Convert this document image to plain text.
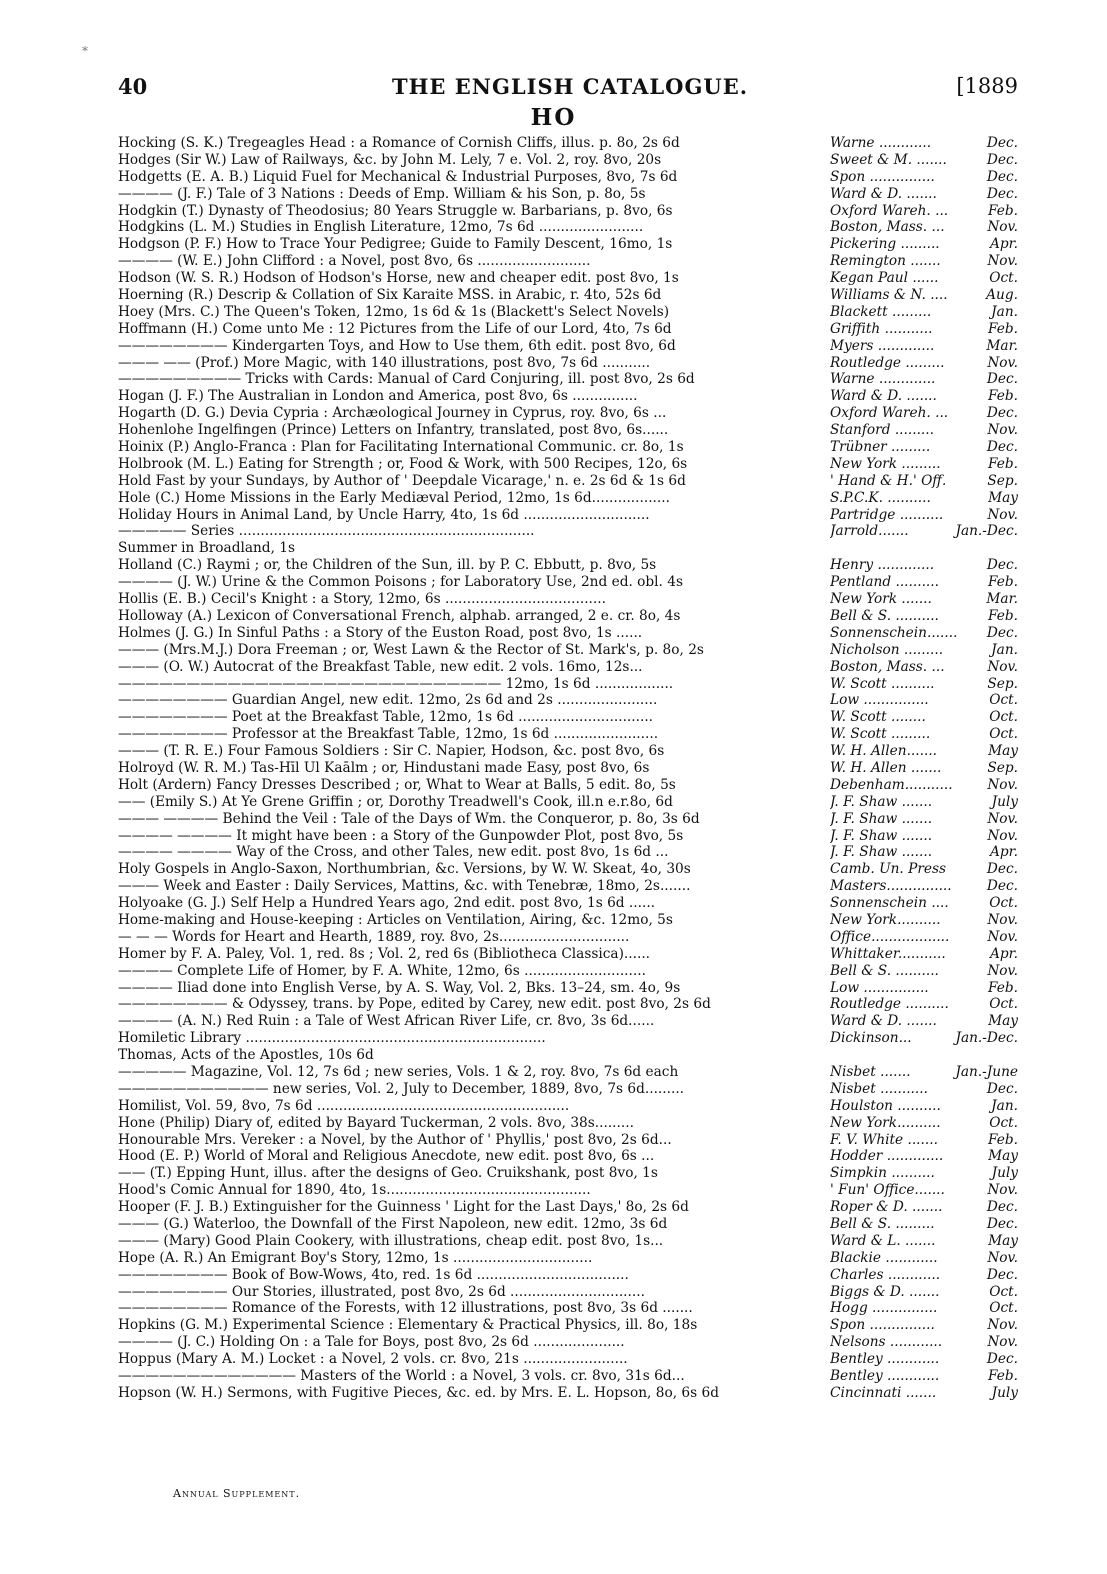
*
40	THE ENGLISH CATALOGUE.	[1889
HO
Hocking (S. K.) Tregeagles Head : a Romance of Cornish Cliffs, illus. p. 8o, 2s 6d	Warne ............	Dec.
Hodges (Sir W.) Law of Railways, &c. by John M. Lely, 7 e. Vol. 2, roy. 8vo, 20s	Sweet & M. .......	Dec.
Hodgetts (E. A. B.) Liquid Fuel for Mechanical & Industrial Purposes, 8vo, 7s 6d	Spon ...............	Dec.
———— (J. F.) Tale of 3 Nations : Deeds of Emp. William & his Son, p. 8o, 5s	Ward & D. .......	Dec.
Hodgkin (T.) Dynasty of Theodosius; 80 Years Struggle w. Barbarians, p. 8vo, 6s	Oxford Wareh. ...	Feb.
Hodgkins (L. M.) Studies in English Literature, 12mo, 7s 6d ........................	Boston, Mass. ...	Nov.
Hodgson (P. F.) How to Trace Your Pedigree; Guide to Family Descent, 16mo, 1s	Pickering .........	Apr.
———— (W. E.) John Clifford : a Novel, post 8vo, 6s ..........................	Remington .......	Nov.
Hodson (W. S. R.) Hodson of Hodson's Horse, new and cheaper edit. post 8vo, 1s	Kegan Paul ......	Oct.
Hoerning (R.) Descrip & Collation of Six Karaite MSS. in Arabic, r. 4to, 52s 6d	Williams & N. ....	Aug.
Hoey (Mrs. C.) The Queen's Token, 12mo, 1s 6d & 1s (Blackett's Select Novels)	Blackett .........	Jan.
Hoffmann (H.) Come unto Me : 12 Pictures from the Life of our Lord, 4to, 7s 6d	Griffith ...........	Feb.
———————— Kindergarten Toys, and How to Use them, 6th edit. post 8vo, 6d	Myers .............	Mar.
——— —— (Prof.) More Magic, with 140 illustrations, post 8vo, 7s 6d ...........	Routledge .........	Nov.
————————— Tricks with Cards: Manual of Card Conjuring, ill. post 8vo, 2s 6d	Warne .............	Dec.
Hogan (J. F.) The Australian in London and America, post 8vo, 6s ...............	Ward & D. .......	Feb.
Hogarth (D. G.) Devia Cypria : Archæological Journey in Cyprus, roy. 8vo, 6s ...	Oxford Wareh. ...	Dec.
Hohenlohe Ingelfingen (Prince) Letters on Infantry, translated, post 8vo, 6s......	Stanford .........	Nov.
Hoinix (P.) Anglo-Franca : Plan for Facilitating International Communic. cr. 8o, 1s	Trübner .........	Dec.
Holbrook (M. L.) Eating for Strength ; or, Food & Work, with 500 Recipes, 12o, 6s	New York .........	Feb.
Hold Fast by your Sundays, by Author of ' Deepdale Vicarage,' n. e. 2s 6d & 1s 6d	' Hand & H.' Off.	Sep.
Hole (C.) Home Missions in the Early Mediæval Period, 12mo, 1s 6d..................	S.P.C.K. ..........	May
Holiday Hours in Animal Land, by Uncle Harry, 4to, 1s 6d .............................	Partridge ..........	Nov.
————— Series ....................................................................	Jarrold.......	Jan.-Dec.
Summer in Broadland, 1s
Holland (C.) Raymi ; or, the Children of the Sun, ill. by P. C. Ebbutt, p. 8vo, 5s	Henry .............	Dec.
———— (J. W.) Urine & the Common Poisons ; for Laboratory Use, 2nd ed. obl. 4s	Pentland ..........	Feb.
Hollis (E. B.) Cecil's Knight : a Story, 12mo, 6s .....................................	New York .......	Mar.
Holloway (A.) Lexicon of Conversational French, alphab. arranged, 2 e. cr. 8o, 4s	Bell & S. ..........	Feb.
Holmes (J. G.) In Sinful Paths : a Story of the Euston Road, post 8vo, 1s ......	Sonnenschein....... Dec.
——— (Mrs.M.J.) Dora Freeman ; or, West Lawn & the Rector of St. Mark's, p. 8o, 2s	Nicholson .........	Jan.
——— (O. W.) Autocrat of the Breakfast Table, new edit. 2 vols. 16mo, 12s...	Boston, Mass. ...	Nov.
———————————————————————————— 12mo, 1s 6d ..................	W. Scott ..........	Sep.
———————— Guardian Angel, new edit. 12mo, 2s 6d and 2s .......................	Low ...............	Oct.
———————— Poet at the Breakfast Table, 12mo, 1s 6d ...............................	W. Scott ........	Oct.
———————— Professor at the Breakfast Table, 12mo, 1s 6d ........................	W. Scott .........	Oct.
——— (T. R. E.) Four Famous Soldiers : Sir C. Napier, Hodson, &c. post 8vo, 6s	W. H. Allen.......	May
Holroyd (W. R. M.) Tas-Hīl Ul Kaālm ; or, Hindustani made Easy, post 8vo, 6s	W. H. Allen .......	Sep.
Holt (Ardern) Fancy Dresses Described ; or, What to Wear at Balls, 5 edit. 8o, 5s	Debenham...........	Nov.
—— (Emily S.) At Ye Grene Griffin ; or, Dorothy Treadwell's Cook, ill.n e.r.8o, 6d	J. F. Shaw .......	July
——— ———— Behind the Veil : Tale of the Days of Wm. the Conqueror, p. 8o, 3s 6d	J. F. Shaw .......	Nov.
———— ———— It might have been : a Story of the Gunpowder Plot, post 8vo, 5s	J. F. Shaw .......	Nov.
———— ———— Way of the Cross, and other Tales, new edit. post 8vo, 1s 6d ...	J. F. Shaw .......	Apr.
Holy Gospels in Anglo-Saxon, Northumbrian, &c. Versions, by W. W. Skeat, 4o, 30s	Camb. Un. Press	Dec.
——— Week and Easter : Daily Services, Mattins, &c. with Tenebræ, 18mo, 2s.......	Masters...............	Dec.
Holyoake (G. J.) Self Help a Hundred Years ago, 2nd edit. post 8vo, 1s 6d ......	Sonnenschein ....	Oct.
Home-making and House-keeping : Articles on Ventilation, Airing, &c. 12mo, 5s	New York..........	Nov.
— — — Words for Heart and Hearth, 1889, roy. 8vo, 2s..............................	Office..................	Nov.
Homer by F. A. Paley, Vol. 1, red. 8s ; Vol. 2, red 6s (Bibliotheca Classica)......	Whittaker...........	Apr.
———— Complete Life of Homer, by F. A. White, 12mo, 6s ............................	Bell & S. ..........	Nov.
———— Iliad done into English Verse, by A. S. Way, Vol. 2, Bks. 13–24, sm. 4o, 9s	Low ...............	Feb.
———————— & Odyssey, trans. by Pope, edited by Carey, new edit. post 8vo, 2s 6d	Routledge ..........	Oct.
———— (A. N.) Red Ruin : a Tale of West African River Life, cr. 8vo, 3s 6d......	Ward & D. .......	May
Homiletic Library .....................................................................	Dickinson...	Jan.-Dec.
Thomas, Acts of the Apostles, 10s 6d
————— Magazine, Vol. 12, 7s 6d ; new series, Vols. 1 & 2, roy. 8vo, 7s 6d each	Nisbet .......	Jan.-June
——————————— new series, Vol. 2, July to December, 1889, 8vo, 7s 6d.........	Nisbet ...........	Dec.
Homilist, Vol. 59, 8vo, 7s 6d ..........................................................	Houlston ..........	Jan.
Hone (Philip) Diary of, edited by Bayard Tuckerman, 2 vols. 8vo, 38s.........	New York..........	Oct.
Honourable Mrs. Vereker : a Novel, by the Author of ' Phyllis,' post 8vo, 2s 6d...	F. V. White .......	Feb.
Hood (E. P.) World of Moral and Religious Anecdote, new edit. post 8vo, 6s ...	Hodder .............	May
—— (T.) Epping Hunt, illus. after the designs of Geo. Cruikshank, post 8vo, 1s	Simpkin ..........	July
Hood's Comic Annual for 1890, 4to, 1s...............................................	' Fun' Office.......	Nov.
Hooper (F. J. B.) Extinguisher for the Guinness ' Light for the Last Days,' 8o, 2s 6d	Roper & D. .......	Dec.
——— (G.) Waterloo, the Downfall of the First Napoleon, new edit. 12mo, 3s 6d	Bell & S. .........	Dec.
——— (Mary) Good Plain Cookery, with illustrations, cheap edit. post 8vo, 1s...	Ward & L. .......	May
Hope (A. R.) An Emigrant Boy's Story, 12mo, 1s ................................	Blackie ............	Nov.
———————— Book of Bow-Wows, 4to, red. 1s 6d ...................................	Charles ............	Dec.
———————— Our Stories, illustrated, post 8vo, 2s 6d ...............................	Biggs & D. .......	Oct.
———————— Romance of the Forests, with 12 illustrations, post 8vo, 3s 6d .......	Hogg ...............	Oct.
Hopkins (G. M.) Experimental Science : Elementary & Practical Physics, ill. 8o, 18s	Spon ...............	Nov.
———— (J. C.) Holding On : a Tale for Boys, post 8vo, 2s 6d .....................	Nelsons ............	Nov.
Hoppus (Mary A. M.) Locket : a Novel, 2 vols. cr. 8vo, 21s ........................	Bentley ............	Dec.
————————————— Masters of the World : a Novel, 3 vols. cr. 8vo, 31s 6d...	Bentley ............	Feb.
Hopson (W. H.) Sermons, with Fugitive Pieces, &c. ed. by Mrs. E. L. Hopson, 8o, 6s 6d	Cincinnati .......	July
Annual Supplement.
